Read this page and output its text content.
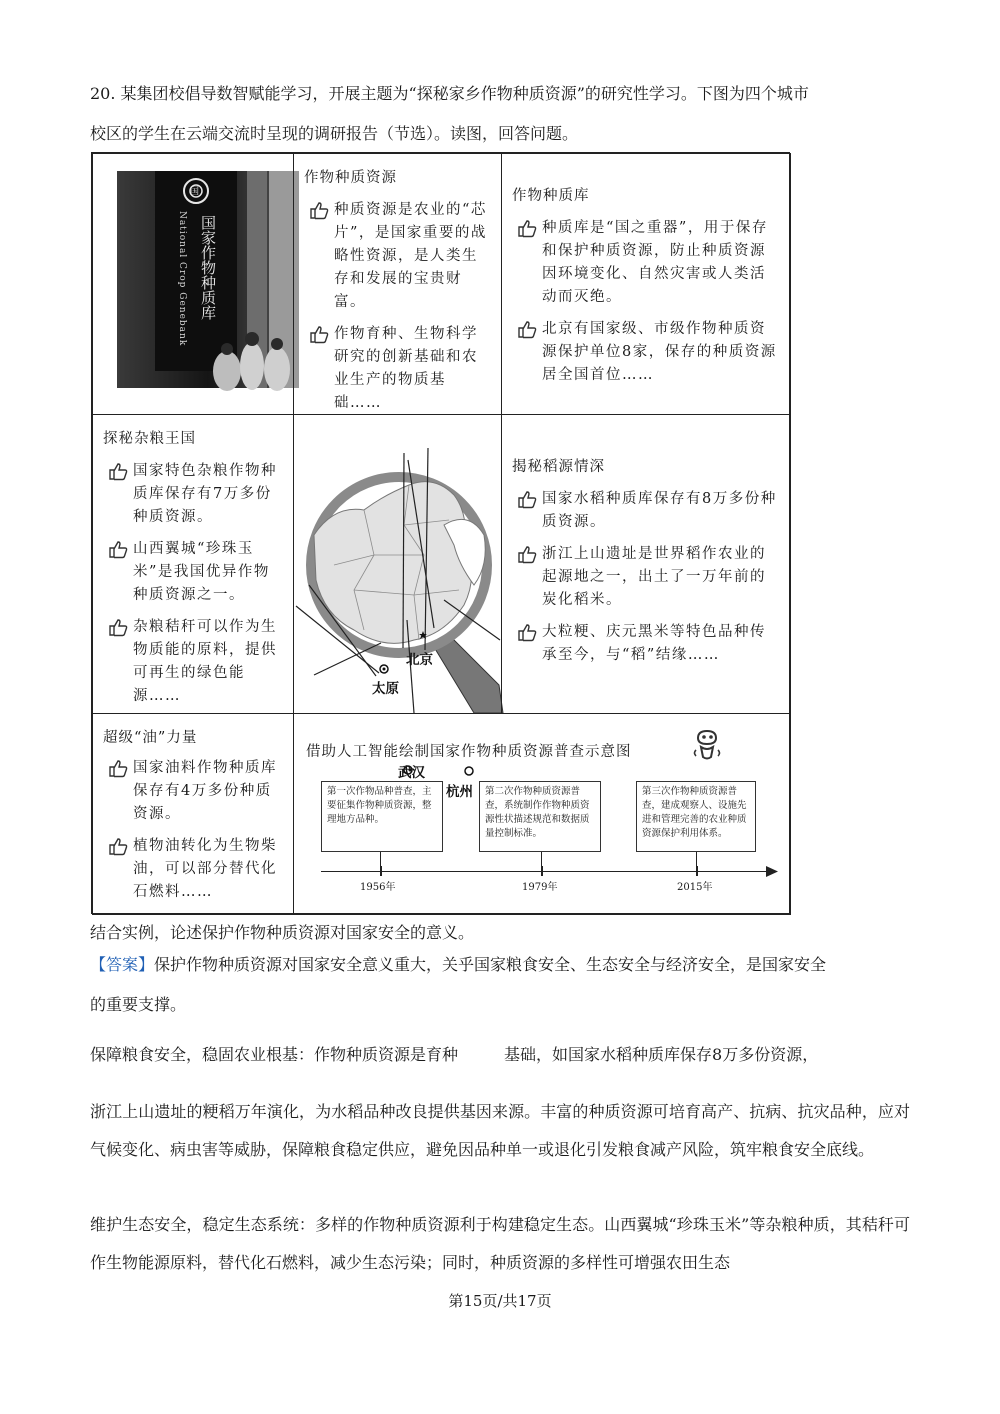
20. 某集团校倡导数智赋能学习，开展主题为“探秘家乡作物种质资源”的研究性学习。下图为四个城市
校区的学生在云端交流时呈现的调研报告（节选）。读图，回答问题。
国
国家作物种质库
National Crop Genebank
作物种质资源
种质资源是农业的“芯片”，是国家重要的战略性资源，是人类生存和发展的宝贵财富。
作物育种、生物科学研究的创新基础和农业生产的物质基础……
作物种质库
种质库是“国之重器”，用于保存和保护种质资源，防止种质资源因环境变化、自然灾害或人类活动而灭绝。
北京有国家级、市级作物种质资源保护单位8家，保存的种质资源居全国首位……
探秘杂粮王国
国家特色杂粮作物种质库保存有7万多份种质资源。
山西翼城“珍珠玉米”是我国优异作物种质资源之一。
杂粮秸秆可以作为生物质能的原料，提供可再生的绿色能源……
北京
太原
武汉
杭州
揭秘稻源情深
国家水稻种质库保存有8万多份种质资源。
浙江上山遗址是世界稻作农业的起源地之一，出土了一万年前的炭化稻米。
大粒粳、庆元黑米等特色品种传承至今，与“稻”结缘……
超级“油”力量
国家油料作物种质库保存有4万多份种质资源。
植物油转化为生物柴油，可以部分替代化石燃料……
借助人工智能绘制国家作物种质资源普查示意图
第一次作物品种普查，主要征集作物种质资源，整理地方品种。
第二次作物种质资源普查，系统制作作物种质资源性状描述规范和数据质量控制标准。
第三次作物种质资源普查，建成观察人、设施先进和管理完善的农业种质资源保护利用体系。
1956年	1979年	2015年
结合实例，论述保护作物种质资源对国家安全的意义。
【答案】保护作物种质资源对国家安全意义重大，关乎国家粮食安全、生态安全与经济安全，是国家安全
的重要支撑。
保障粮食安全，稳固农业根基：作物种质资源是育种	基础，如国家水稻种质库保存8万多份资源，
浙江上山遗址的粳稻万年演化，为水稻品种改良提供基因来源。丰富的种质资源可培育高产、抗病、抗灾品种，应对气候变化、病虫害等威胁，保障粮食稳定供应，避免因品种单一或退化引发粮食减产风险，筑牢粮食安全底线。
维护生态安全，稳定生态系统：多样的作物种质资源利于构建稳定生态。山西翼城“珍珠玉米”等杂粮种质，其秸秆可作生物能源原料，替代化石燃料，减少生态污染；同时，种质资源的多样性可增强农田生态
第15页/共17页
